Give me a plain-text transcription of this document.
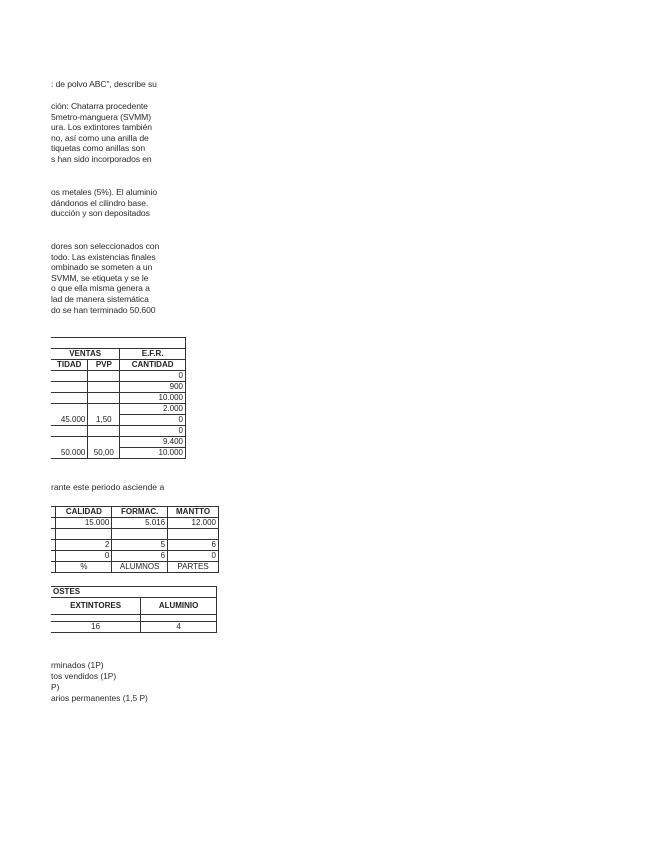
: de polvo ABC", describe su
ción: Chatarra procedente
5metro-manguera (SVMM)
ura. Los extintores también
no, así como una anilla de
tiquetas como anillas son
s han sido incorporados en
os metales (5%). El aluminio
dándonos el cilindro base.
ducción y son depositados
dores son seleccionados con
todo. Las existencias finales
ombinado se someten a un
SVMM, se etiqueta y se le
o que ella misma genera a
lad de manera sistemática
do se han terminado 50.600

VENTAS		E.F.R.
TIDAD	PVP	CANTIDAD
		0
		900
		10.000
		2.000
45.000	1,50	0
		0
		9.400
50.000	50,00	10.000
rante este periodo asciende a
	CALIDAD	FORMAC.	MANTTO
	15.000	5.016	12.000

	2	5	6
	0	6	0
	%	ALUMNOS	PARTES
OSTES	
EXTINTORES	ALUMINIO

16	4
rminados (1P)
tos vendidos (1P)
P)
arios permanentes (1,5 P)
